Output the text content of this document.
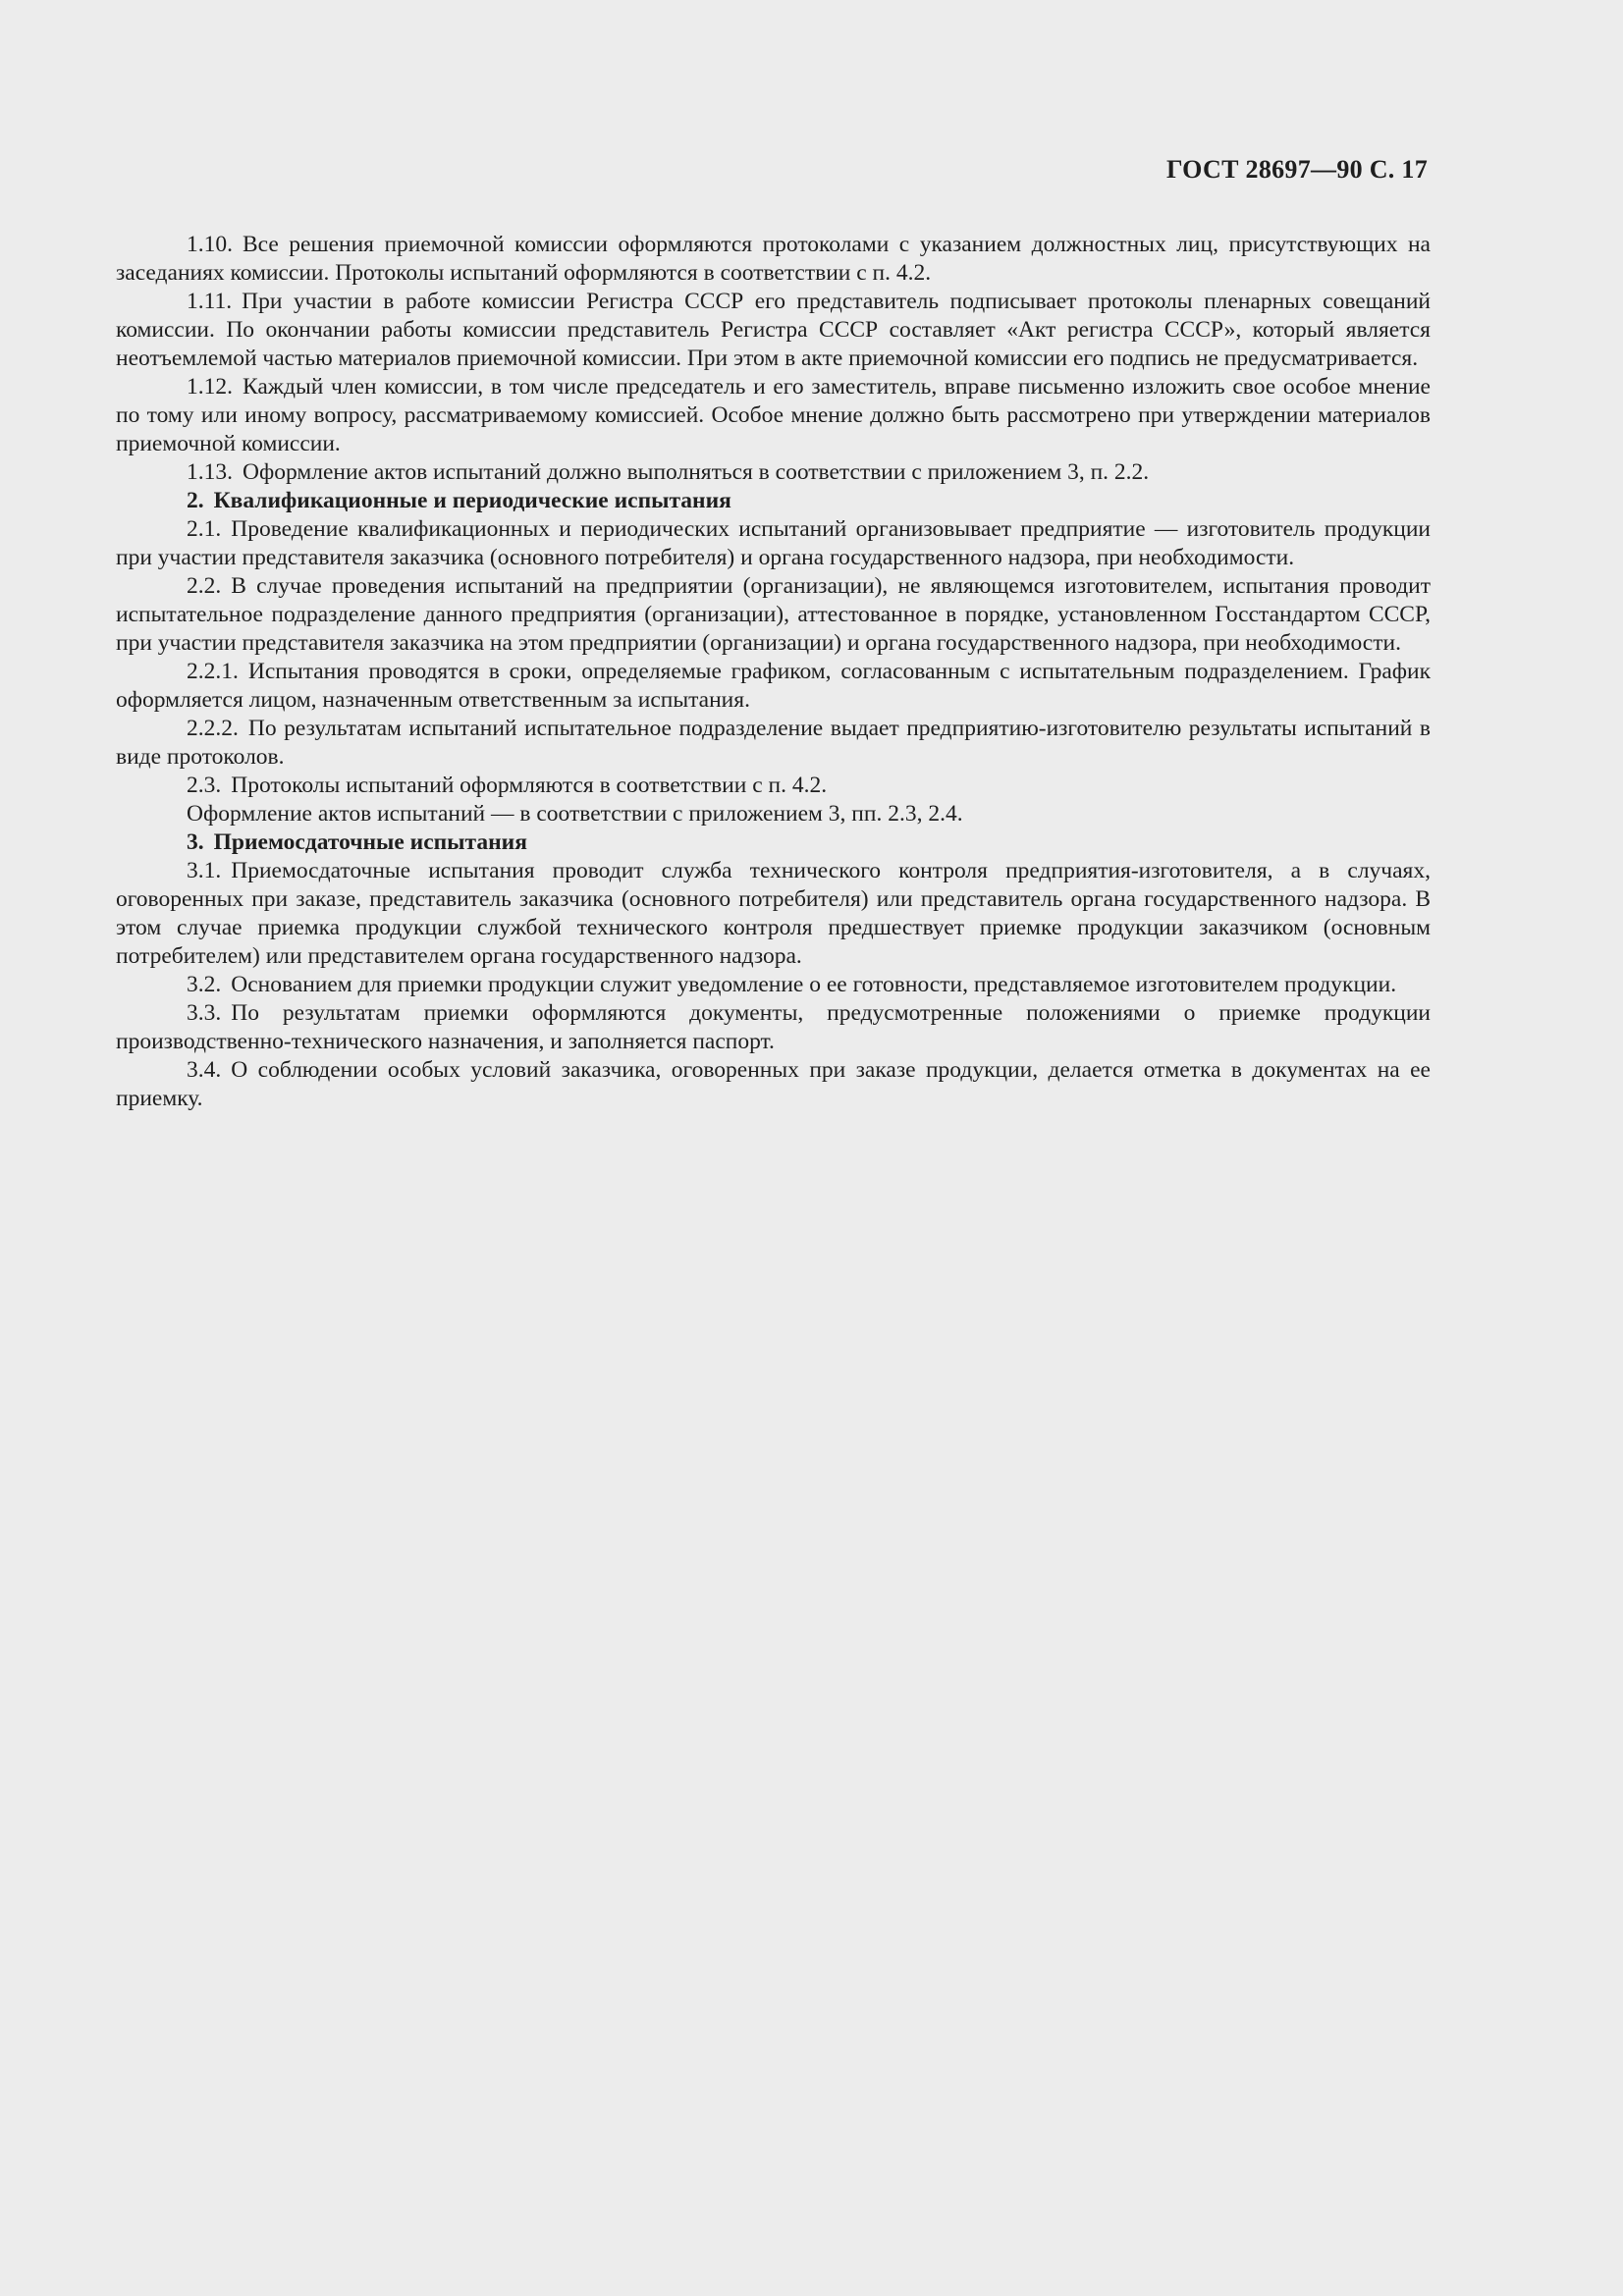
ГОСТ 28697—90 С. 17

1.10. Все решения приемочной комиссии оформляются протоколами с указанием должностных лиц, присутствующих на заседаниях комиссии. Протоколы испытаний оформляются в соответствии с п. 4.2.

1.11. При участии в работе комиссии Регистра СССР его представитель подписывает протоколы пленарных совещаний комиссии. По окончании работы комиссии представитель Регистра СССР составляет «Акт регистра СССР», который является неотъемлемой частью материалов приемочной комиссии. При этом в акте приемочной комиссии его подпись не предусматривается.

1.12. Каждый член комиссии, в том числе председатель и его заместитель, вправе письменно изложить свое особое мнение по тому или иному вопросу, рассматриваемому комиссией. Особое мнение должно быть рассмотрено при утверждении материалов приемочной комиссии.

1.13. Оформление актов испытаний должно выполняться в соответствии с приложением 3, п. 2.2.

2. Квалификационные и периодические испытания

2.1. Проведение квалификационных и периодических испытаний организовывает предприятие — изготовитель продукции при участии представителя заказчика (основного потребителя) и органа государственного надзора, при необходимости.

2.2. В случае проведения испытаний на предприятии (организации), не являющемся изготовителем, испытания проводит испытательное подразделение данного предприятия (организации), аттестованное в порядке, установленном Госстандартом СССР, при участии представителя заказчика на этом предприятии (организации) и органа государственного надзора, при необходимости.

2.2.1. Испытания проводятся в сроки, определяемые графиком, согласованным с испытательным подразделением. График оформляется лицом, назначенным ответственным за испытания.

2.2.2. По результатам испытаний испытательное подразделение выдает предприятию-изготовителю результаты испытаний в виде протоколов.

2.3. Протоколы испытаний оформляются в соответствии с п. 4.2.

Оформление актов испытаний — в соответствии с приложением 3, пп. 2.3, 2.4.

3. Приемосдаточные испытания

3.1. Приемосдаточные испытания проводит служба технического контроля предприятия-изготовителя, а в случаях, оговоренных при заказе, представитель заказчика (основного потребителя) или представитель органа государственного надзора. В этом случае приемка продукции службой технического контроля предшествует приемке продукции заказчиком (основным потребителем) или представителем органа государственного надзора.

3.2. Основанием для приемки продукции служит уведомление о ее готовности, представляемое изготовителем продукции.

3.3. По результатам приемки оформляются документы, предусмотренные положениями о приемке продукции производственно-технического назначения, и заполняется паспорт.

3.4. О соблюдении особых условий заказчика, оговоренных при заказе продукции, делается отметка в документах на ее приемку.
